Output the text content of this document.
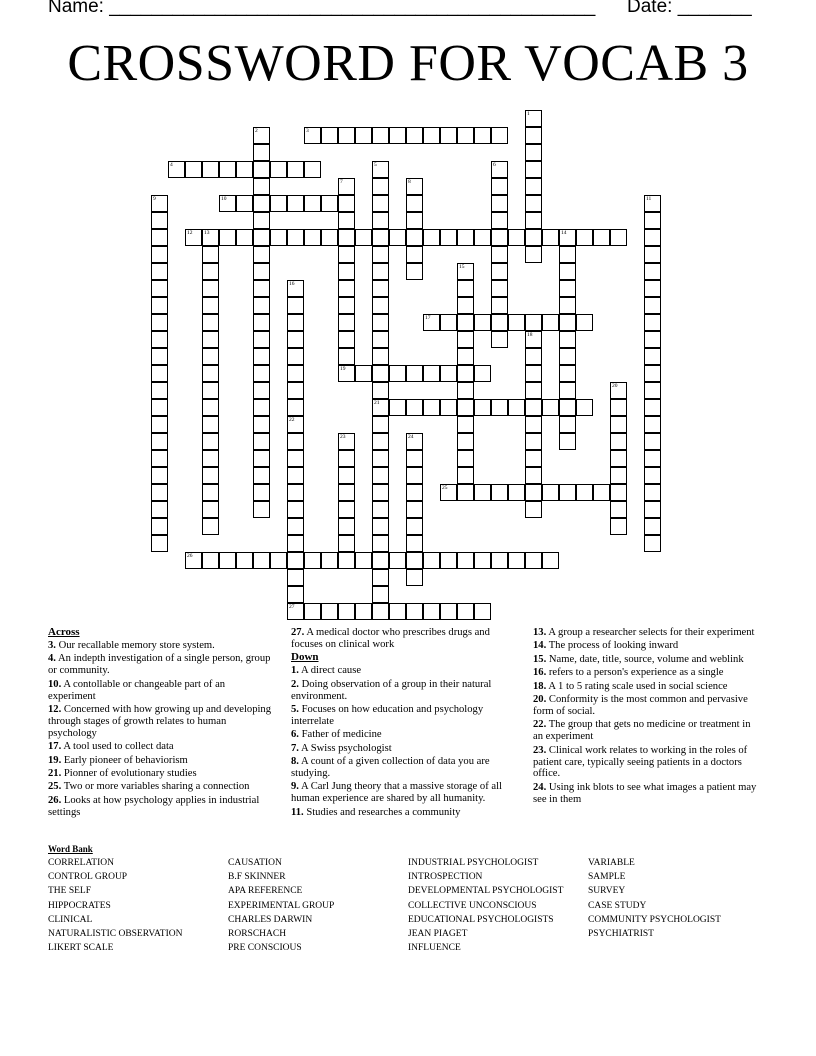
Name: ______________________________________________ Date: _______
CROSSWORD FOR VOCAB 3
1
2	3
4	5	6
7	8
9	10	11
12 13	14
15
16
17
18
19
20
21
22
23	24
25
26
27
Across
3. Our recallable memory store system.
4. An indepth investigation of a single person, group or community.
10. A contollable or changeable part of an experiment
12. Concerned with how growing up and developing through stages of growth relates to human psychology
17. A tool used to collect data
19. Early pioneer of behaviorism
21. Pionner of evolutionary studies
25. Two or more variables sharing a connection
26. Looks at how psychology applies in industrial settings
27. A medical doctor who prescribes drugs and focuses on clinical work
Down
1. A direct cause
2. Doing observation of a group in their natural environment.
5. Focuses on how education and psychology interrelate
6. Father of medicine
7. A Swiss psychologist
8. A count of a given collection of data you are studying.
9. A Carl Jung theory that a massive storage of all human experience are shared by all humanity.
11. Studies and researches a community
13. A group a researcher selects for their experiment
14. The process of looking inward
15. Name, date, title, source, volume and weblink
16. refers to a person's experience as a single
18. A 1 to 5 rating scale used in social science
20. Conformity is the most common and pervasive form of social.
22. The group that gets no medicine or treatment in an experiment
23. Clinical work relates to working in the roles of patient care, typically seeing patients in a doctors office.
24. Using ink blots to see what images a patient may see in them
Word Bank
CORRELATION
CONTROL GROUP
THE SELF
HIPPOCRATES
CLINICAL
NATURALISTIC OBSERVATION
LIKERT SCALE
CAUSATION
B.F SKINNER
APA REFERENCE
EXPERIMENTAL GROUP
CHARLES DARWIN
RORSCHACH
PRE CONSCIOUS
INDUSTRIAL PSYCHOLOGIST
INTROSPECTION
DEVELOPMENTAL PSYCHOLOGIST
COLLECTIVE UNCONSCIOUS
EDUCATIONAL PSYCHOLOGISTS
JEAN PIAGET
INFLUENCE
VARIABLE
SAMPLE
SURVEY
CASE STUDY
COMMUNITY PSYCHOLOGIST
PSYCHIATRIST
